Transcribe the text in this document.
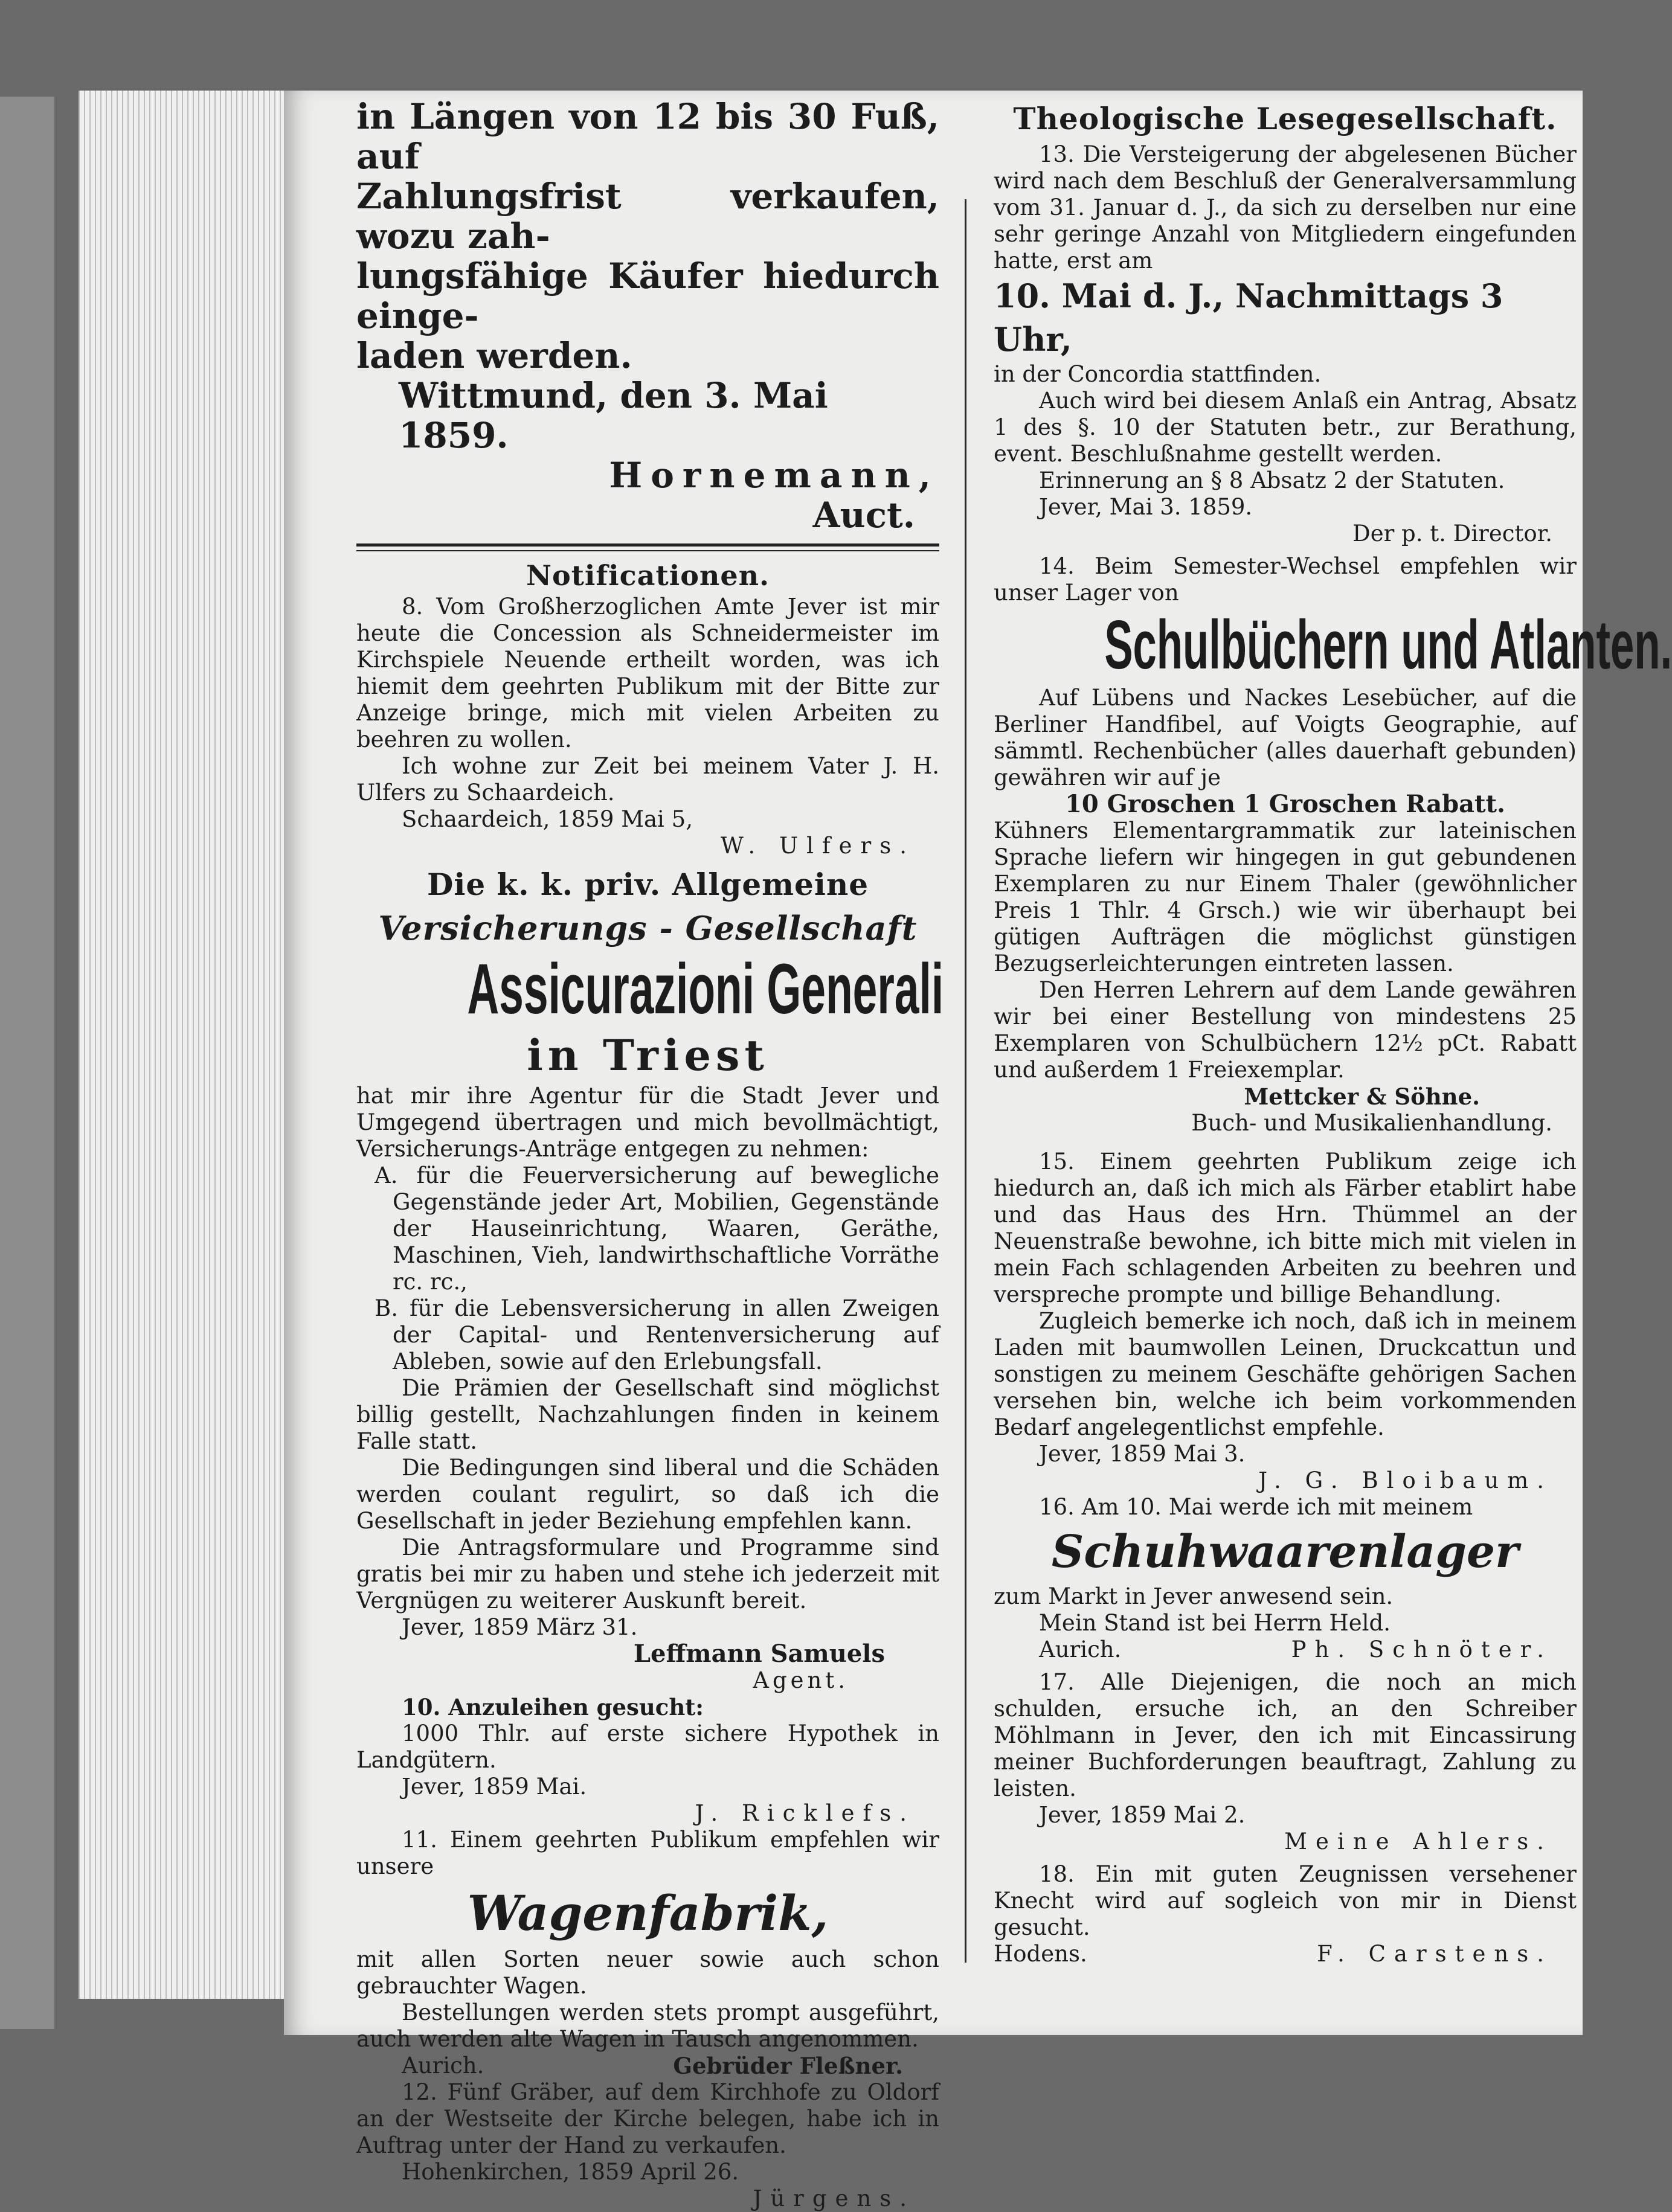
in Längen von 12 bis 30 Fuß, auf

Zahlungsfrist verkaufen, wozu zah-

lungsfähige Käufer hiedurch einge-

laden werden.

Wittmund, den 3. Mai 1859.

Hornemann,

Auct.

Notificationen.

8. Vom Großherzoglichen Amte Jever ist mir heute die Concession als Schneidermeister im Kirchspiele Neuende ertheilt worden, was ich hiemit dem geehrten Publikum mit der Bitte zur Anzeige bringe, mich mit vielen Arbeiten zu beehren zu wollen.

Ich wohne zur Zeit bei meinem Vater J. H. Ulfers zu Schaardeich.

Schaardeich, 1859 Mai 5,

W. Ulfers.

Die k. k. priv. Allgemeine

Versicherungs - Gesellschaft

Assicurazioni Generali

in Triest

hat mir ihre Agentur für die Stadt Jever und Umgegend übertragen und mich bevollmächtigt, Versicherungs-Anträge entgegen zu nehmen:

A. für die Feuerversicherung auf bewegliche Gegenstände jeder Art, Mobilien, Gegenstände der Hauseinrichtung, Waaren, Geräthe, Maschinen, Vieh, landwirthschaftliche Vorräthe rc. rc.,

B. für die Lebensversicherung in allen Zweigen der Capital- und Rentenversicherung auf Ableben, sowie auf den Erlebungsfall.

Die Prämien der Gesellschaft sind möglichst billig gestellt, Nachzahlungen finden in keinem Falle statt.

Die Bedingungen sind liberal und die Schäden werden coulant regulirt, so daß ich die Gesellschaft in jeder Beziehung empfehlen kann.

Die Antragsformulare und Programme sind gratis bei mir zu haben und stehe ich jederzeit mit Vergnügen zu weiterer Auskunft bereit.

Jever, 1859 März 31.

Leffmann Samuels

Agent.

10. Anzuleihen gesucht:

1000 Thlr. auf erste sichere Hypothek in Landgütern.

Jever, 1859 Mai.

J. Ricklefs.

11. Einem geehrten Publikum empfehlen wir unsere

Wagenfabrik,

mit allen Sorten neuer sowie auch schon gebrauchter Wagen.

Bestellungen werden stets prompt ausgeführt, auch werden alte Wagen in Tausch angenommen.

Aurich.	Gebrüder Fleßner.

12. Fünf Gräber, auf dem Kirchhofe zu Oldorf an der Westseite der Kirche belegen, habe ich in Auftrag unter der Hand zu verkaufen.

Hohenkirchen, 1859 April 26.

Jürgens.

Theologische Lesegesellschaft.

13. Die Versteigerung der abgelesenen Bücher wird nach dem Beschluß der Generalversammlung vom 31. Januar d. J., da sich zu derselben nur eine sehr geringe Anzahl von Mitgliedern eingefunden hatte, erst am

10. Mai d. J., Nachmittags 3 Uhr,

in der Concordia stattfinden.

Auch wird bei diesem Anlaß ein Antrag, Absatz 1 des §. 10 der Statuten betr., zur Berathung, event. Beschlußnahme gestellt werden.

Erinnerung an § 8 Absatz 2 der Statuten.

Jever, Mai 3. 1859.

Der p. t. Director.

14. Beim Semester-Wechsel empfehlen wir unser Lager von

Schulbüchern und Atlanten.

Auf Lübens und Nackes Lesebücher, auf die Berliner Handfibel, auf Voigts Geographie, auf sämmtl. Rechenbücher (alles dauerhaft gebunden) gewähren wir auf je

10 Groschen 1 Groschen Rabatt.

Kühners Elementargrammatik zur lateinischen Sprache liefern wir hingegen in gut gebundenen Exemplaren zu nur Einem Thaler (gewöhnlicher Preis 1 Thlr. 4 Grsch.) wie wir überhaupt bei gütigen Aufträgen die möglichst günstigen Bezugserleichterungen eintreten lassen.

Den Herren Lehrern auf dem Lande gewähren wir bei einer Bestellung von mindestens 25 Exemplaren von Schulbüchern 12½ pCt. Rabatt und außerdem 1 Freiexemplar.

Mettcker & Söhne.

Buch- und Musikalienhandlung.

15. Einem geehrten Publikum zeige ich hiedurch an, daß ich mich als Färber etablirt habe und das Haus des Hrn. Thümmel an der Neuenstraße bewohne, ich bitte mich mit vielen in mein Fach schlagenden Arbeiten zu beehren und verspreche prompte und billige Behandlung.

Zugleich bemerke ich noch, daß ich in meinem Laden mit baumwollen Leinen, Druckcattun und sonstigen zu meinem Geschäfte gehörigen Sachen versehen bin, welche ich beim vorkommenden Bedarf angelegentlichst empfehle.

Jever, 1859 Mai 3.

J. G. Bloibaum.

16. Am 10. Mai werde ich mit meinem

Schuhwaarenlager

zum Markt in Jever anwesend sein.

Mein Stand ist bei Herrn Held.

Aurich.	Ph. Schnöter.

17. Alle Diejenigen, die noch an mich schulden, ersuche ich, an den Schreiber Möhlmann in Jever, den ich mit Eincassirung meiner Buchforderungen beauftragt, Zahlung zu leisten.

Jever, 1859 Mai 2.

Meine Ahlers.

18. Ein mit guten Zeugnissen versehener Knecht wird auf sogleich von mir in Dienst gesucht.

Hodens.	F. Carstens.
